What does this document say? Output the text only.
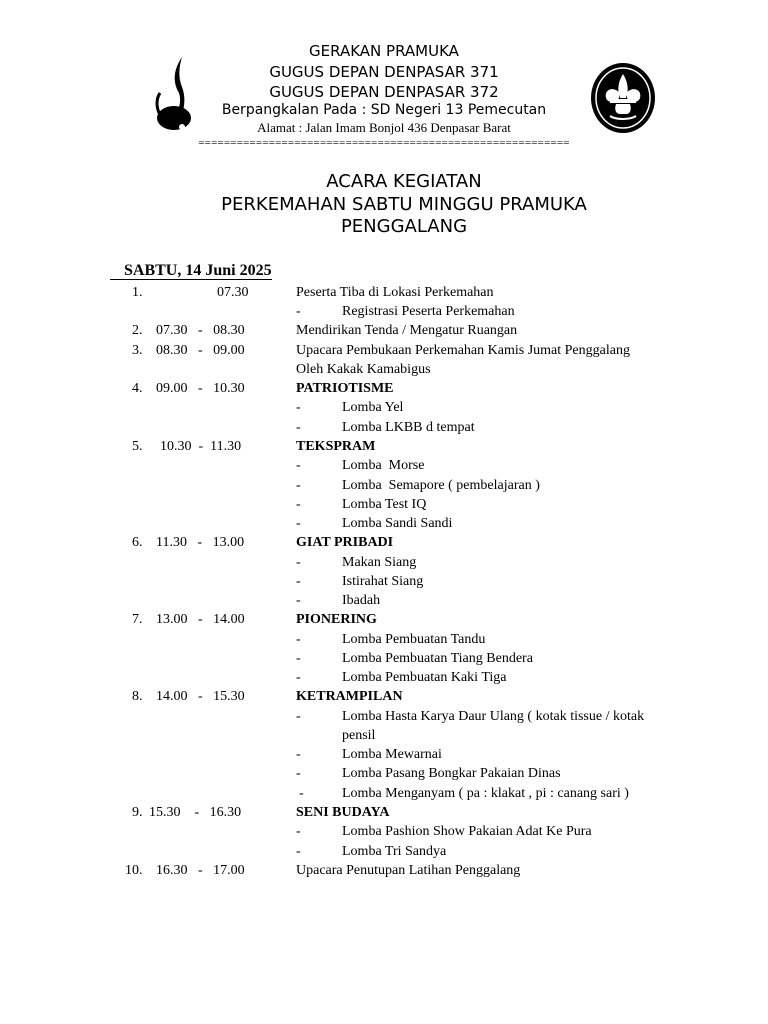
GERAKAN PRAMUKA
GUGUS DEPAN DENPASAR 371
GUGUS DEPAN DENPASAR 372
Berpangkalan Pada : SD Negeri 13 Pemecutan
Alamat : Jalan Imam Bonjol 436 Denpasar Barat
==========================================================
ACARA KEGIATAN
PERKEMAHAN SABTU MINGGU PRAMUKA
PENGGALANG
SABTU, 14 Juni 2025
1.	07.30	Peserta Tiba di Lokasi Perkemahan
-	Registrasi Peserta Perkemahan
2. 07.30   -   08.30	Mendirikan Tenda / Mengatur Ruangan
3. 08.30   -   09.00	Upacara Pembukaan Perkemahan Kamis Jumat Penggalang
Oleh Kakak Kamabigus
4. 09.00   -   10.30	PATRIOTISME
-	Lomba Yel
-	Lomba LKBB d tempat
5. 10.30  -  11.30	TEKSPRAM
-	Lomba  Morse
-	Lomba  Semapore ( pembelajaran )
-	Lomba Test IQ
-	Lomba Sandi Sandi
6. 11.30   -   13.00	GIAT PRIBADI
-	Makan Siang
-	Istirahat Siang
-	Ibadah
7. 13.00   -   14.00	PIONERING
-	Lomba Pembuatan Tandu
-	Lomba Pembuatan Tiang Bendera
-	Lomba Pembuatan Kaki Tiga
8. 14.00   -   15.30	KETRAMPILAN
-	Lomba Hasta Karya Daur Ulang ( kotak tissue / kotak
pensil
-	Lomba Mewarnai
-	Lomba Pasang Bongkar Pakaian Dinas
-	Lomba Menganyam ( pa : klakat , pi : canang sari )
9. 15.30    -   16.30	SENI BUDAYA
-	Lomba Pashion Show Pakaian Adat Ke Pura
-	Lomba Tri Sandya
10. 16.30   -   17.00	Upacara Penutupan Latihan Penggalang
